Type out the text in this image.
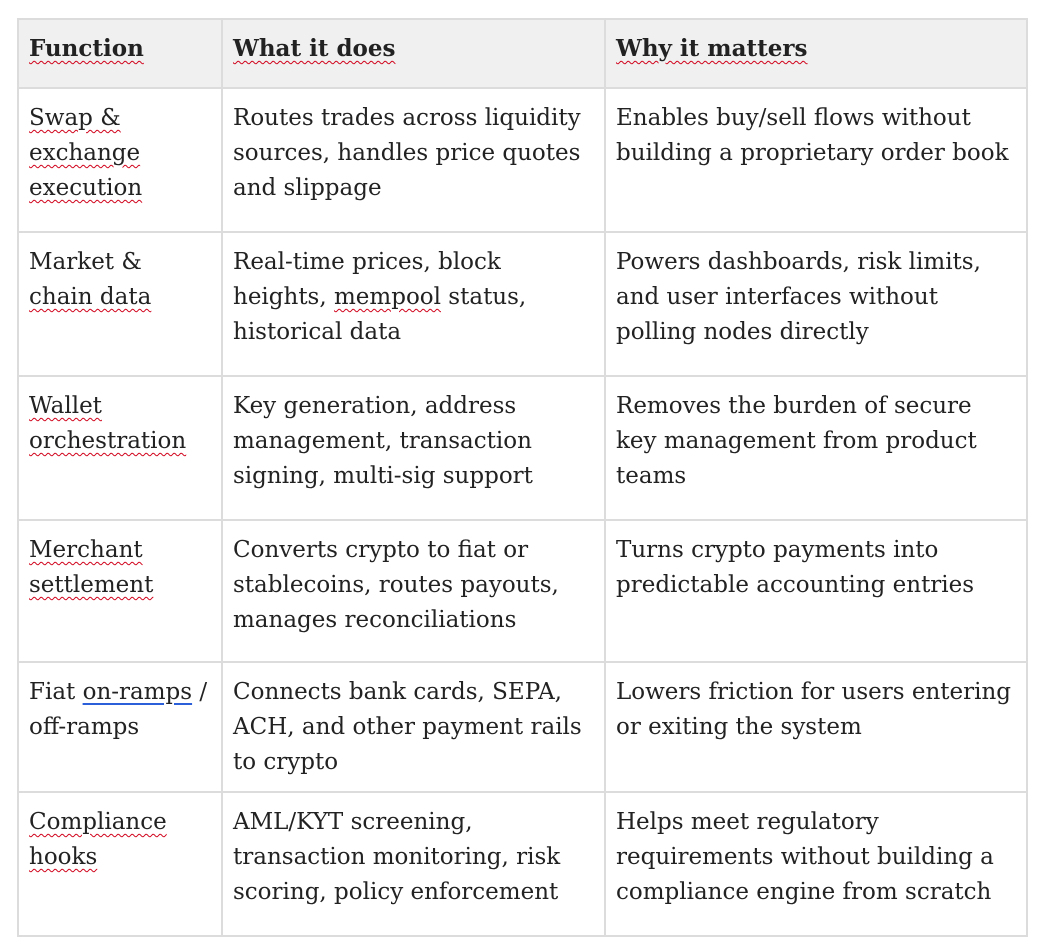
Function	What it does	Why it matters
Swap & exchange execution	Routes trades across liquidity sources, handles price quotes and slippage	Enables buy/sell flows without building a proprietary order book
Market & chain data	Real-time prices, block heights, mempool status, historical data	Powers dashboards, risk limits, and user interfaces without polling nodes directly
Wallet orchestration	Key generation, address management, transaction signing, multi-sig support	Removes the burden of secure key management from product teams
Merchant settlement	Converts crypto to fiat or stablecoins, routes payouts, manages reconciliations	Turns crypto payments into predictable accounting entries
Fiat on-ramps / off-ramps	Connects bank cards, SEPA, ACH, and other payment rails to crypto	Lowers friction for users entering or exiting the system
Compliance hooks	AML/KYT screening, transaction monitoring, risk scoring, policy enforcement	Helps meet regulatory requirements without building a compliance engine from scratch
